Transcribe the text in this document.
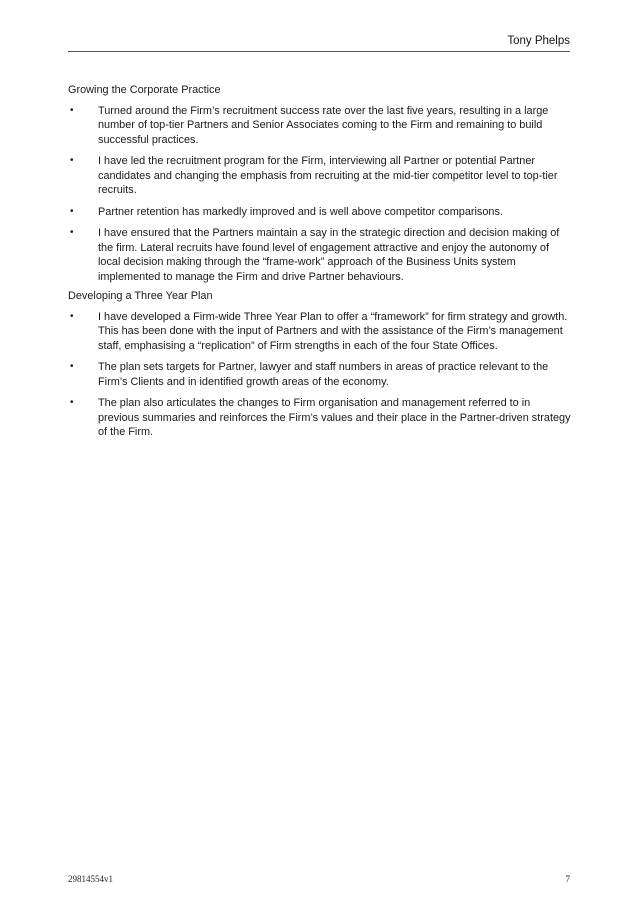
Tony Phelps

Growing the Corporate Practice

• Turned around the Firm’s recruitment success rate over the last five years, resulting in a large number of top-tier Partners and Senior Associates coming to the Firm and remaining to build successful practices.
• I have led the recruitment program for the Firm, interviewing all Partner or potential Partner candidates and changing the emphasis from recruiting at the mid-tier competitor level to top-tier recruits.
• Partner retention has markedly improved and is well above competitor comparisons.
• I have ensured that the Partners maintain a say in the strategic direction and decision making of the firm. Lateral recruits have found level of engagement attractive and enjoy the autonomy of local decision making through the “frame-work” approach of the Business Units system implemented to manage the Firm and drive Partner behaviours.

Developing a Three Year Plan

• I have developed a Firm-wide Three Year Plan to offer a “framework” for firm strategy and growth. This has been done with the input of Partners and with the assistance of the Firm’s management staff, emphasising a “replication” of Firm strengths in each of the four State Offices.
• The plan sets targets for Partner, lawyer and staff numbers in areas of practice relevant to the Firm’s Clients and in identified growth areas of the economy.
• The plan also articulates the changes to Firm organisation and management referred to in previous summaries and reinforces the Firm’s values and their place in the Partner-driven strategy of the Firm.
29814554v1	7
